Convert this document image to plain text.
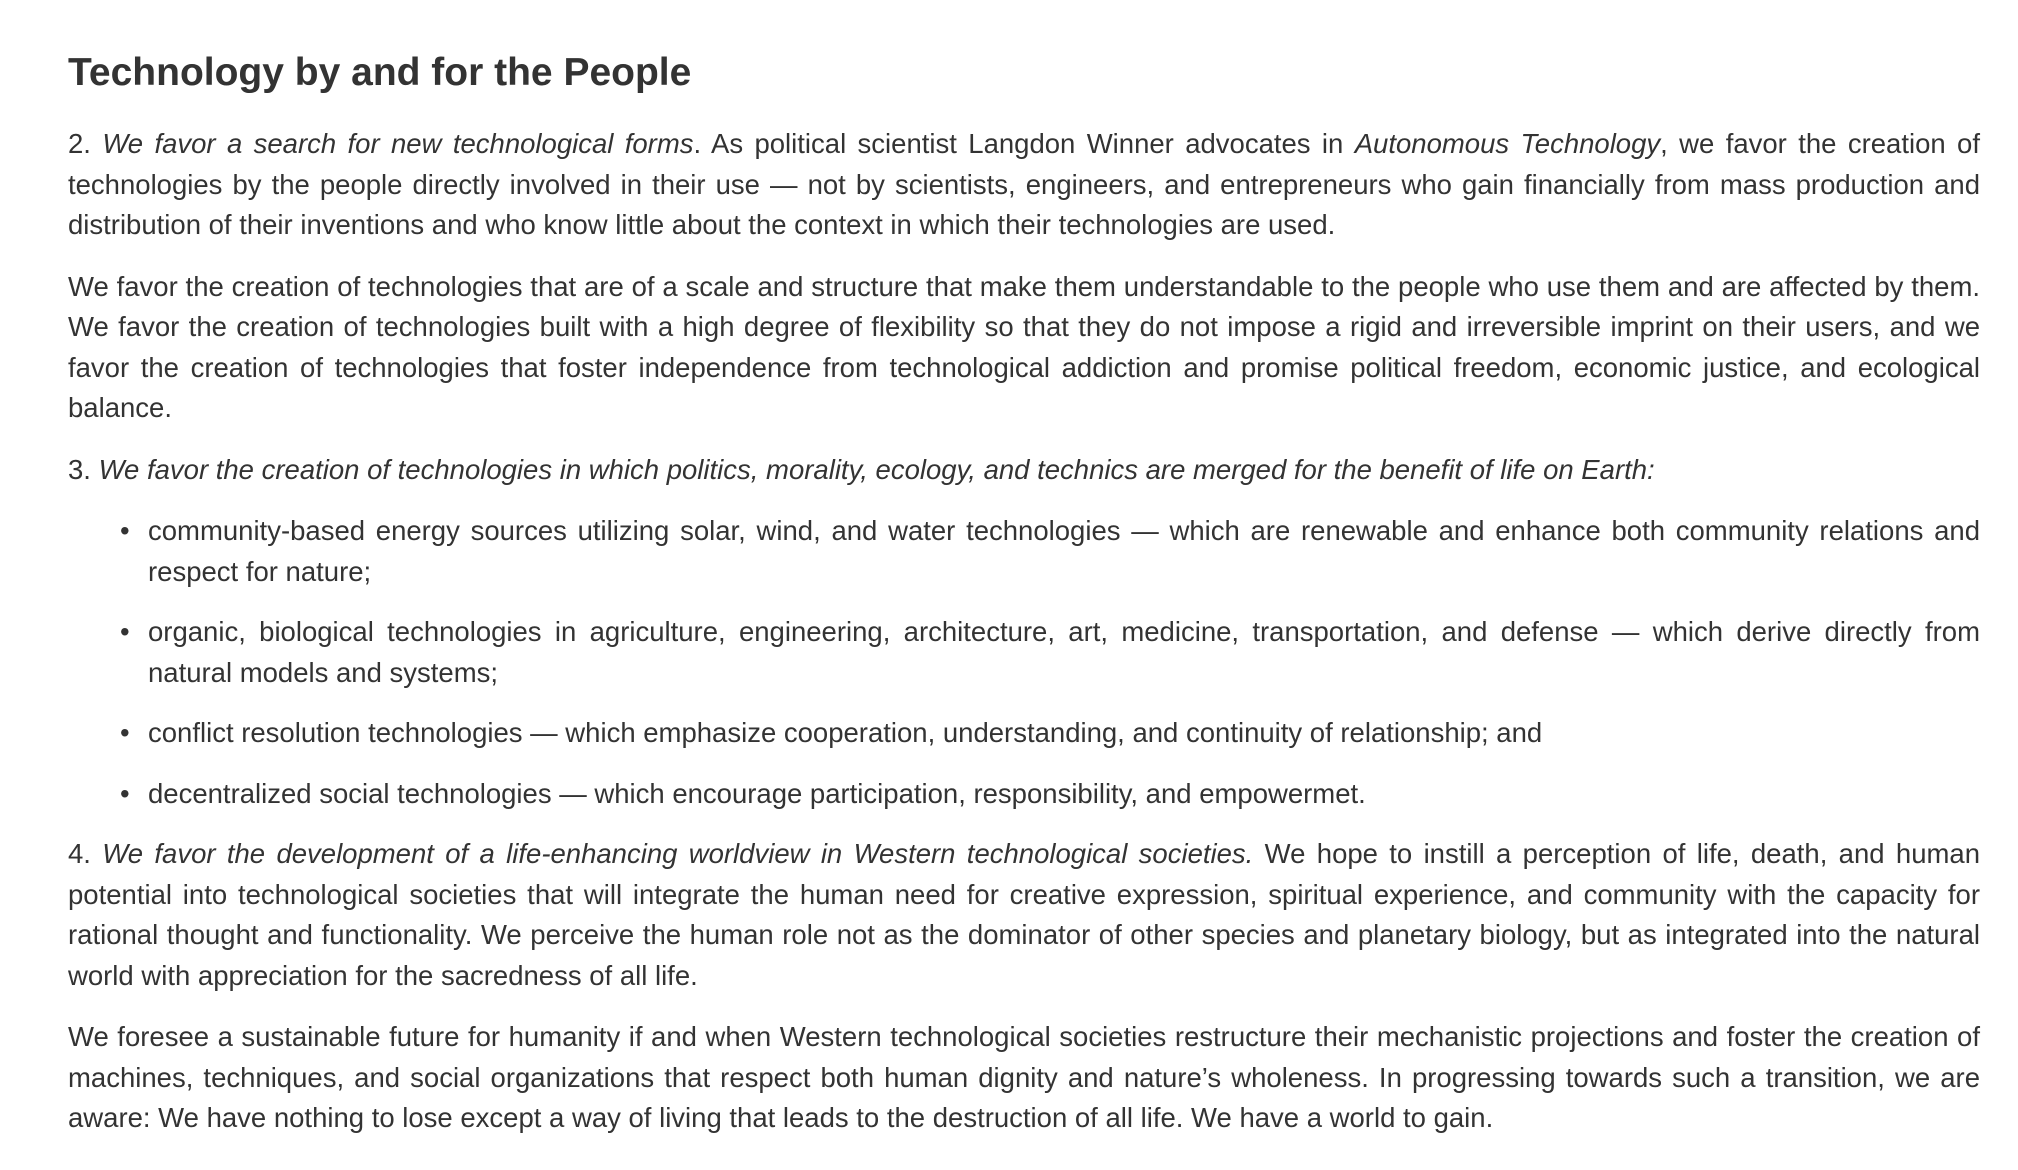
Technology by and for the People

2. We favor a search for new technological forms. As political scientist Langdon Winner advocates in Autonomous Technology, we favor the creation of technologies by the people directly involved in their use — not by scientists, engineers, and entrepreneurs who gain financially from mass production and distribution of their inventions and who know little about the context in which their technologies are used.

We favor the creation of technologies that are of a scale and structure that make them understandable to the people who use them and are affected by them. We favor the creation of technologies built with a high degree of flexibility so that they do not impose a rigid and irreversible imprint on their users, and we favor the creation of technologies that foster independence from technological addiction and promise political freedom, economic justice, and ecological balance.

3. We favor the creation of technologies in which politics, morality, ecology, and technics are merged for the benefit of life on Earth:

• community-based energy sources utilizing solar, wind, and water technologies — which are renewable and enhance both community relations and respect for nature;
• organic, biological technologies in agriculture, engineering, architecture, art, medicine, transportation, and defense — which derive directly from natural models and systems;
• conflict resolution technologies — which emphasize cooperation, understanding, and continuity of relationship; and
• decentralized social technologies — which encourage participation, responsibility, and empowermet.

4. We favor the development of a life-enhancing worldview in Western technological societies. We hope to instill a perception of life, death, and human potential into technological societies that will integrate the human need for creative expression, spiritual experience, and community with the capacity for rational thought and functionality. We perceive the human role not as the dominator of other species and planetary biology, but as integrated into the natural world with appreciation for the sacredness of all life.

We foresee a sustainable future for humanity if and when Western technological societies restructure their mechanistic projections and foster the creation of machines, techniques, and social organizations that respect both human dignity and nature’s wholeness. In progressing towards such a transition, we are aware: We have nothing to lose except a way of living that leads to the destruction of all life. We have a world to gain.
